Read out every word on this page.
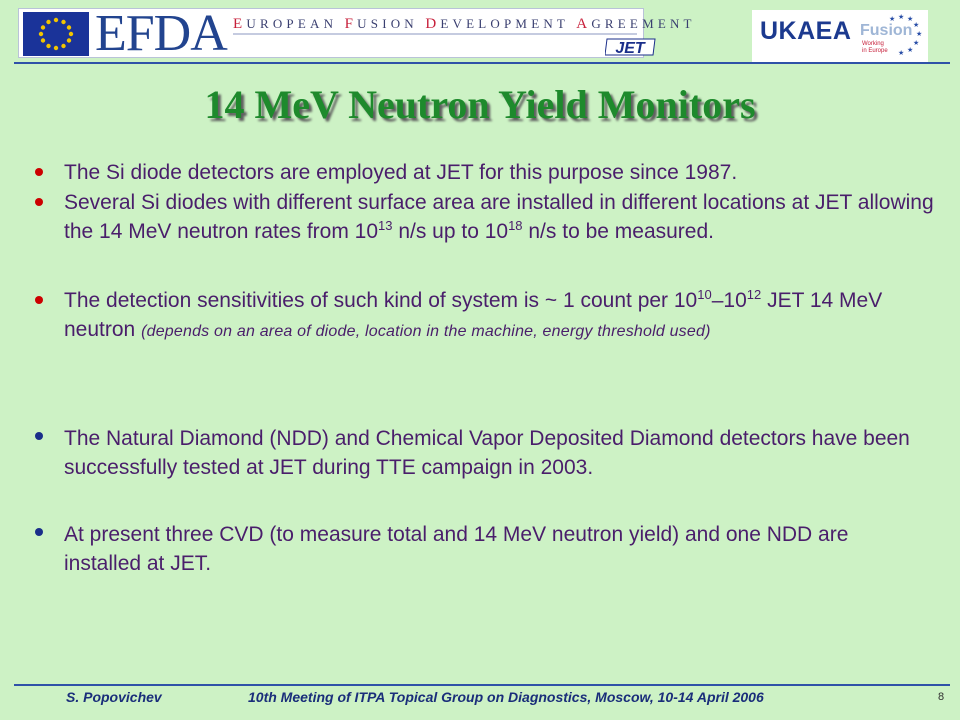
EFDA EUROPEAN FUSION DEVELOPMENT AGREEMENT
JET
UKAEA Fusion
Working in Europe
★ ★
★
★
★
★
★
★
14 MeV Neutron Yield Monitors
The Si diode detectors are employed at JET for this purpose since 1987.
Several Si diodes with different surface area are installed in different locations at JET allowing the 14 MeV neutron rates from $10^{13}$ n/s up to $10^{18}$ n/s to be measured.
The detection sensitivities of such kind of system is ~ 1 count per $10^{10}-10^{12}$ JET 14 MeV neutron (depends on an area of diode, location in the machine, energy threshold used)
The Natural Diamond (NDD) and Chemical Vapor Deposited Diamond detectors have been successfully tested at JET during TTE campaign in 2003.
At present three CVD (to measure total and 14 MeV neutron yield) and one NDD are installed at JET.
S. Popovichev	10th Meeting of ITPA Topical Group on Diagnostics, Moscow, 10-14 April 2006	8
